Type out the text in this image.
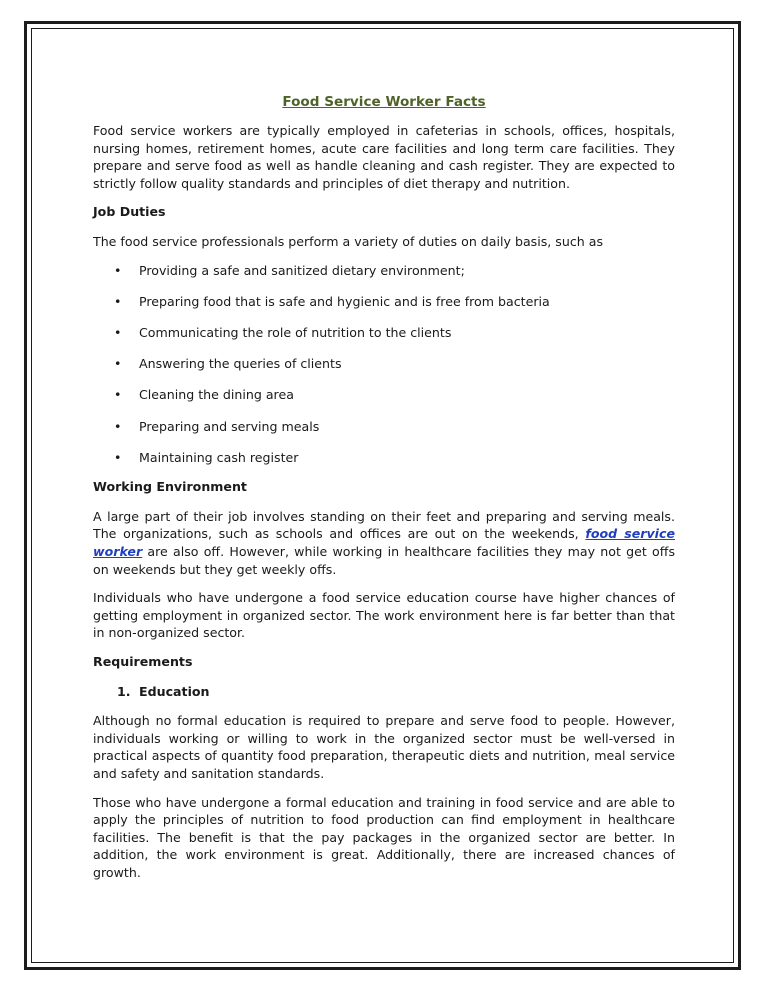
Food Service Worker Facts

Food service workers are typically employed in cafeterias in schools, offices, hospitals, nursing homes, retirement homes, acute care facilities and long term care facilities. They prepare and serve food as well as handle cleaning and cash register. They are expected to strictly follow quality standards and principles of diet therapy and nutrition.

Job Duties

The food service professionals perform a variety of duties on daily basis, such as

• Providing a safe and sanitized dietary environment;
• Preparing food that is safe and hygienic and is free from bacteria
• Communicating the role of nutrition to the clients
• Answering the queries of clients
• Cleaning the dining area
• Preparing and serving meals
• Maintaining cash register
Working Environment

A large part of their job involves standing on their feet and preparing and serving meals. The organizations, such as schools and offices are out on the weekends, food service worker are also off. However, while working in healthcare facilities they may not get offs on weekends but they get weekly offs.

Individuals who have undergone a food service education course have higher chances of getting employment in organized sector. The work environment here is far better than that in non-organized sector.

Requirements
1. Education

Although no formal education is required to prepare and serve food to people. However, individuals working or willing to work in the organized sector must be well-versed in practical aspects of quantity food preparation, therapeutic diets and nutrition, meal service and safety and sanitation standards.

Those who have undergone a formal education and training in food service and are able to apply the principles of nutrition to food production can find employment in healthcare facilities. The benefit is that the pay packages in the organized sector are better. In addition, the work environment is great. Additionally, there are increased chances of growth.
